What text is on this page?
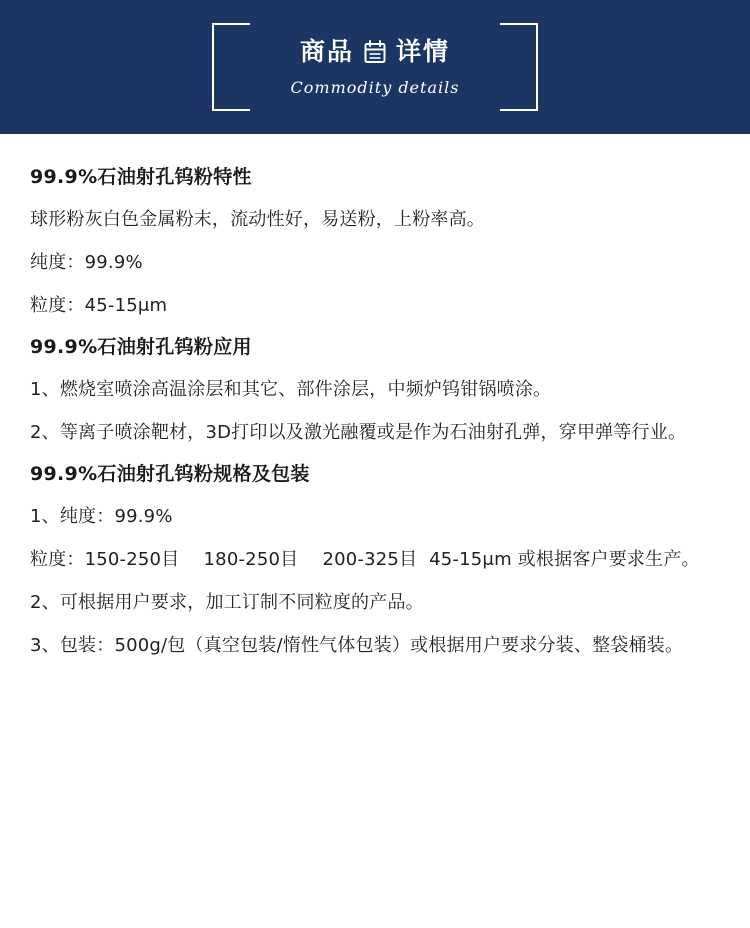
商品 详情
Commodity details
99.9%石油射孔钨粉特性

球形粉灰白色金属粉末，流动性好，易送粉，上粉率高。

纯度：99.9%

粒度：45-15μm

99.9%石油射孔钨粉应用

1、燃烧室喷涂高温涂层和其它、部件涂层，中频炉钨钳锅喷涂。

2、等离子喷涂靶材，3D打印以及激光融覆或是作为石油射孔弹，穿甲弹等行业。

99.9%石油射孔钨粉规格及包装

1、纯度：99.9%

粒度：150-250目　 180-250目　 200-325目  45-15μm 或根据客户要求生产。

2、可根据用户要求，加工订制不同粒度的产品。

3、包装：500g/包（真空包装/惰性气体包装）或根据用户要求分装、整袋桶装。
